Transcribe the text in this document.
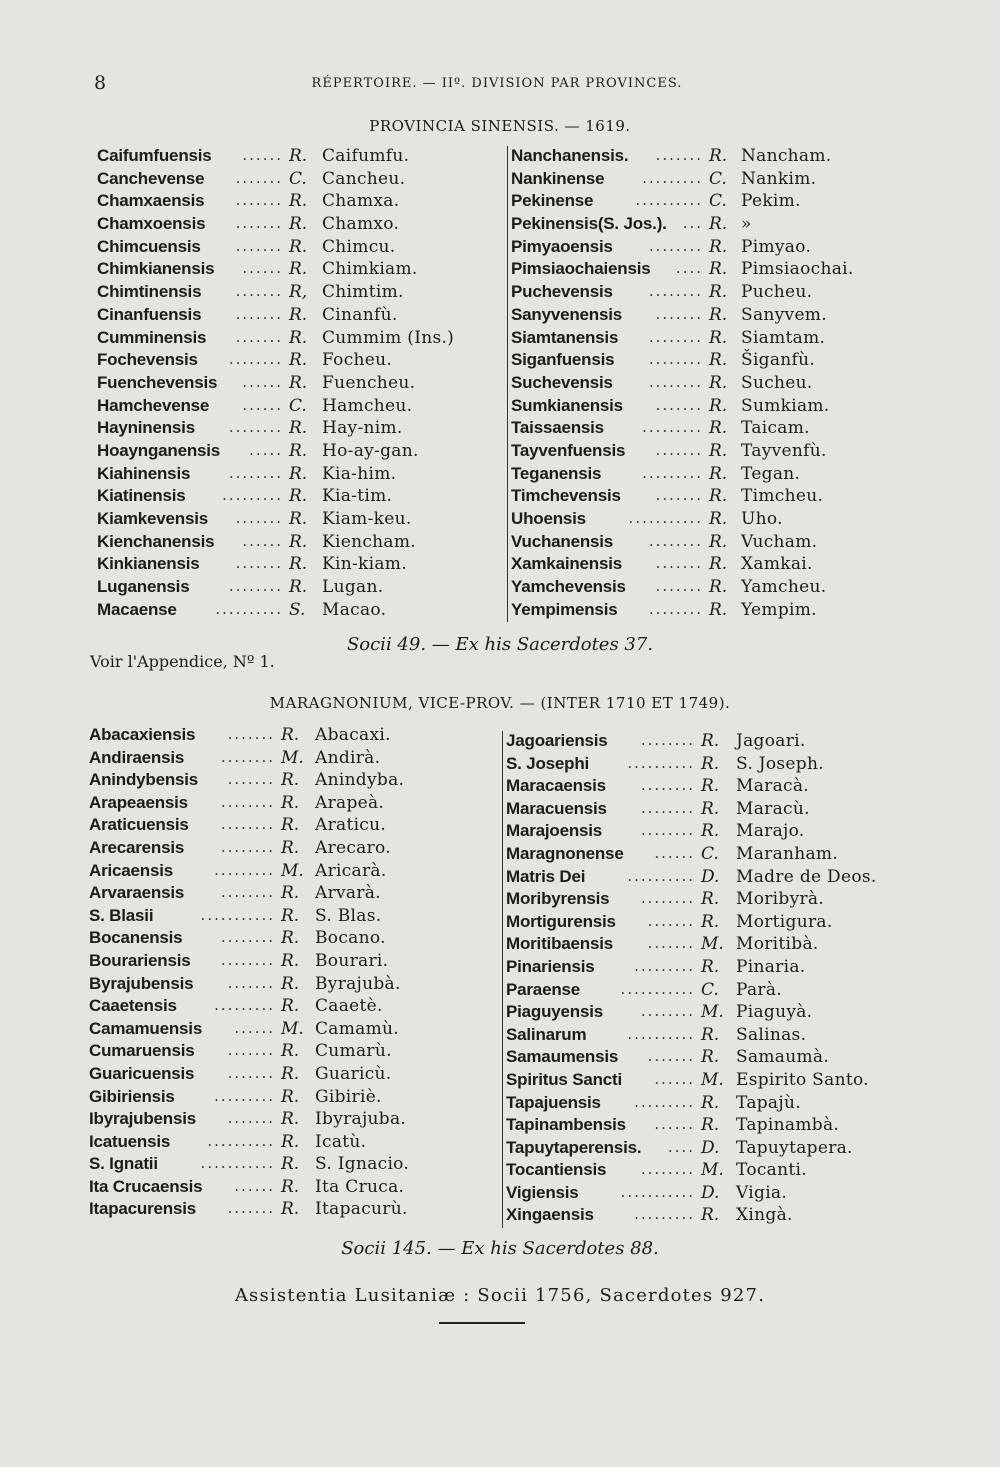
8	RÉPERTOIRE. — IIº. DIVISION PAR PROVINCES.
PROVINCIA SINENSIS. — 1619.
Caifumfuensis	...... R. Caifumfu.
Canchevense	....... C. Cancheu.
Chamxaensis	....... R. Chamxa.
Chamxoensis	....... R. Chamxo.
Chimcuensis	....... R. Chimcu.
Chimkianensis	...... R. Chimkiam.
Chimtinensis	....... R, Chimtim.
Cinanfuensis	....... R. Cinanfù.
Cumminensis	....... R. Cummim (Ins.)
Fochevensis	........ R. Focheu.
Fuenchevensis	...... R. Fuencheu.
Hamchevense	...... C. Hamcheu.
Hayninensis	........ R. Hay-nim.
Hoaynganensis	..... R. Ho-ay-gan.
Kiahinensis	........ R. Kia-him.
Kiatinensis	......... R. Kia-tim.
Kiamkevensis	....... R. Kiam-keu.
Kienchanensis	...... R. Kiencham.
Kinkianensis	....... R. Kin-kiam.
Luganensis	........ R. Lugan.
Macaense	.......... S. Macao.
Nanchanensis.	....... R. Nancham.
Nankinense	......... C. Nankim.
Pekinense	.......... C. Pekim.
Pekinensis(S. Jos.).	... R. »
Pimyaoensis	........ R. Pimyao.
Pimsiaochaiensis	.... R. Pimsiaochai.
Puchevensis	........ R. Pucheu.
Sanyvenensis	....... R. Sanyvem.
Siamtanensis	........ R. Siamtam.
Siganfuensis	........ R. Šiganfù.
Suchevensis	........ R. Sucheu.
Sumkianensis	....... R. Sumkiam.
Taissaensis	......... R. Taicam.
Tayvenfuensis	....... R. Tayvenfù.
Teganensis	......... R. Tegan.
Timchevensis	....... R. Timcheu.
Uhoensis	........... R. Uho.
Vuchanensis	........ R. Vucham.
Xamkainensis	....... R. Xamkai.
Yamchevensis	....... R. Yamcheu.
Yempimensis	........ R. Yempim.
Socii 49. — Ex his Sacerdotes 37.
Voir l'Appendice, Nº 1.
MARAGNONIUM, VICE-PROV. — (INTER 1710 ET 1749).
Abacaxiensis	....... R. Abacaxi.
Andiraensis	........ M. Andirà.
Anindybensis	....... R. Anindyba.
Arapeaensis	........ R. Arapeà.
Araticuensis	........ R. Araticu.
Arecarensis	........ R. Arecaro.
Aricaensis	......... M. Aricarà.
Arvaraensis	........ R. Arvarà.
S. Blasii	........... R. S. Blas.
Bocanensis	........ R. Bocano.
Bourariensis	........ R. Bourari.
Byrajubensis	....... R. Byrajubà.
Caaetensis	......... R. Caaetè.
Camamuensis	...... M. Camamù.
Cumaruensis	....... R. Cumarù.
Guaricuensis	....... R. Guaricù.
Gibiriensis	......... R. Gibiriè.
Ibyrajubensis	....... R. Ibyrajuba.
Icatuensis	.......... R. Icatù.
S. Ignatii	........... R. S. Ignacio.
Ita Crucaensis	...... R. Ita Cruca.
Itapacurensis	....... R. Itapacurù.
Jagoariensis	........ R. Jagoari.
S. Josephi	.......... R. S. Joseph.
Maracaensis	........ R. Maracà.
Maracuensis	........ R. Maracù.
Marajoensis	........ R. Marajo.
Maragnonense	...... C. Maranham.
Matris Dei	.......... D. Madre de Deos.
Moribyrensis	........ R. Moribyrà.
Mortigurensis	....... R. Mortigura.
Moritibaensis	....... M. Moritibà.
Pinariensis	......... R. Pinaria.
Paraense	........... C. Parà.
Piaguyensis	........ M. Piaguyà.
Salinarum	.......... R. Salinas.
Samaumensis	....... R. Samaumà.
Spiritus Sancti	...... M. Espirito Santo.
Tapajuensis	......... R. Tapajù.
Tapinambensis	...... R. Tapinambà.
Tapuytaperensis.	.... D. Tapuytapera.
Tocantiensis	........ M. Tocanti.
Vigiensis	........... D. Vigia.
Xingaensis	......... R. Xingà.
Socii 145. — Ex his Sacerdotes 88.
Assistentia Lusitaniæ : Socii 1756, Sacerdotes 927.
